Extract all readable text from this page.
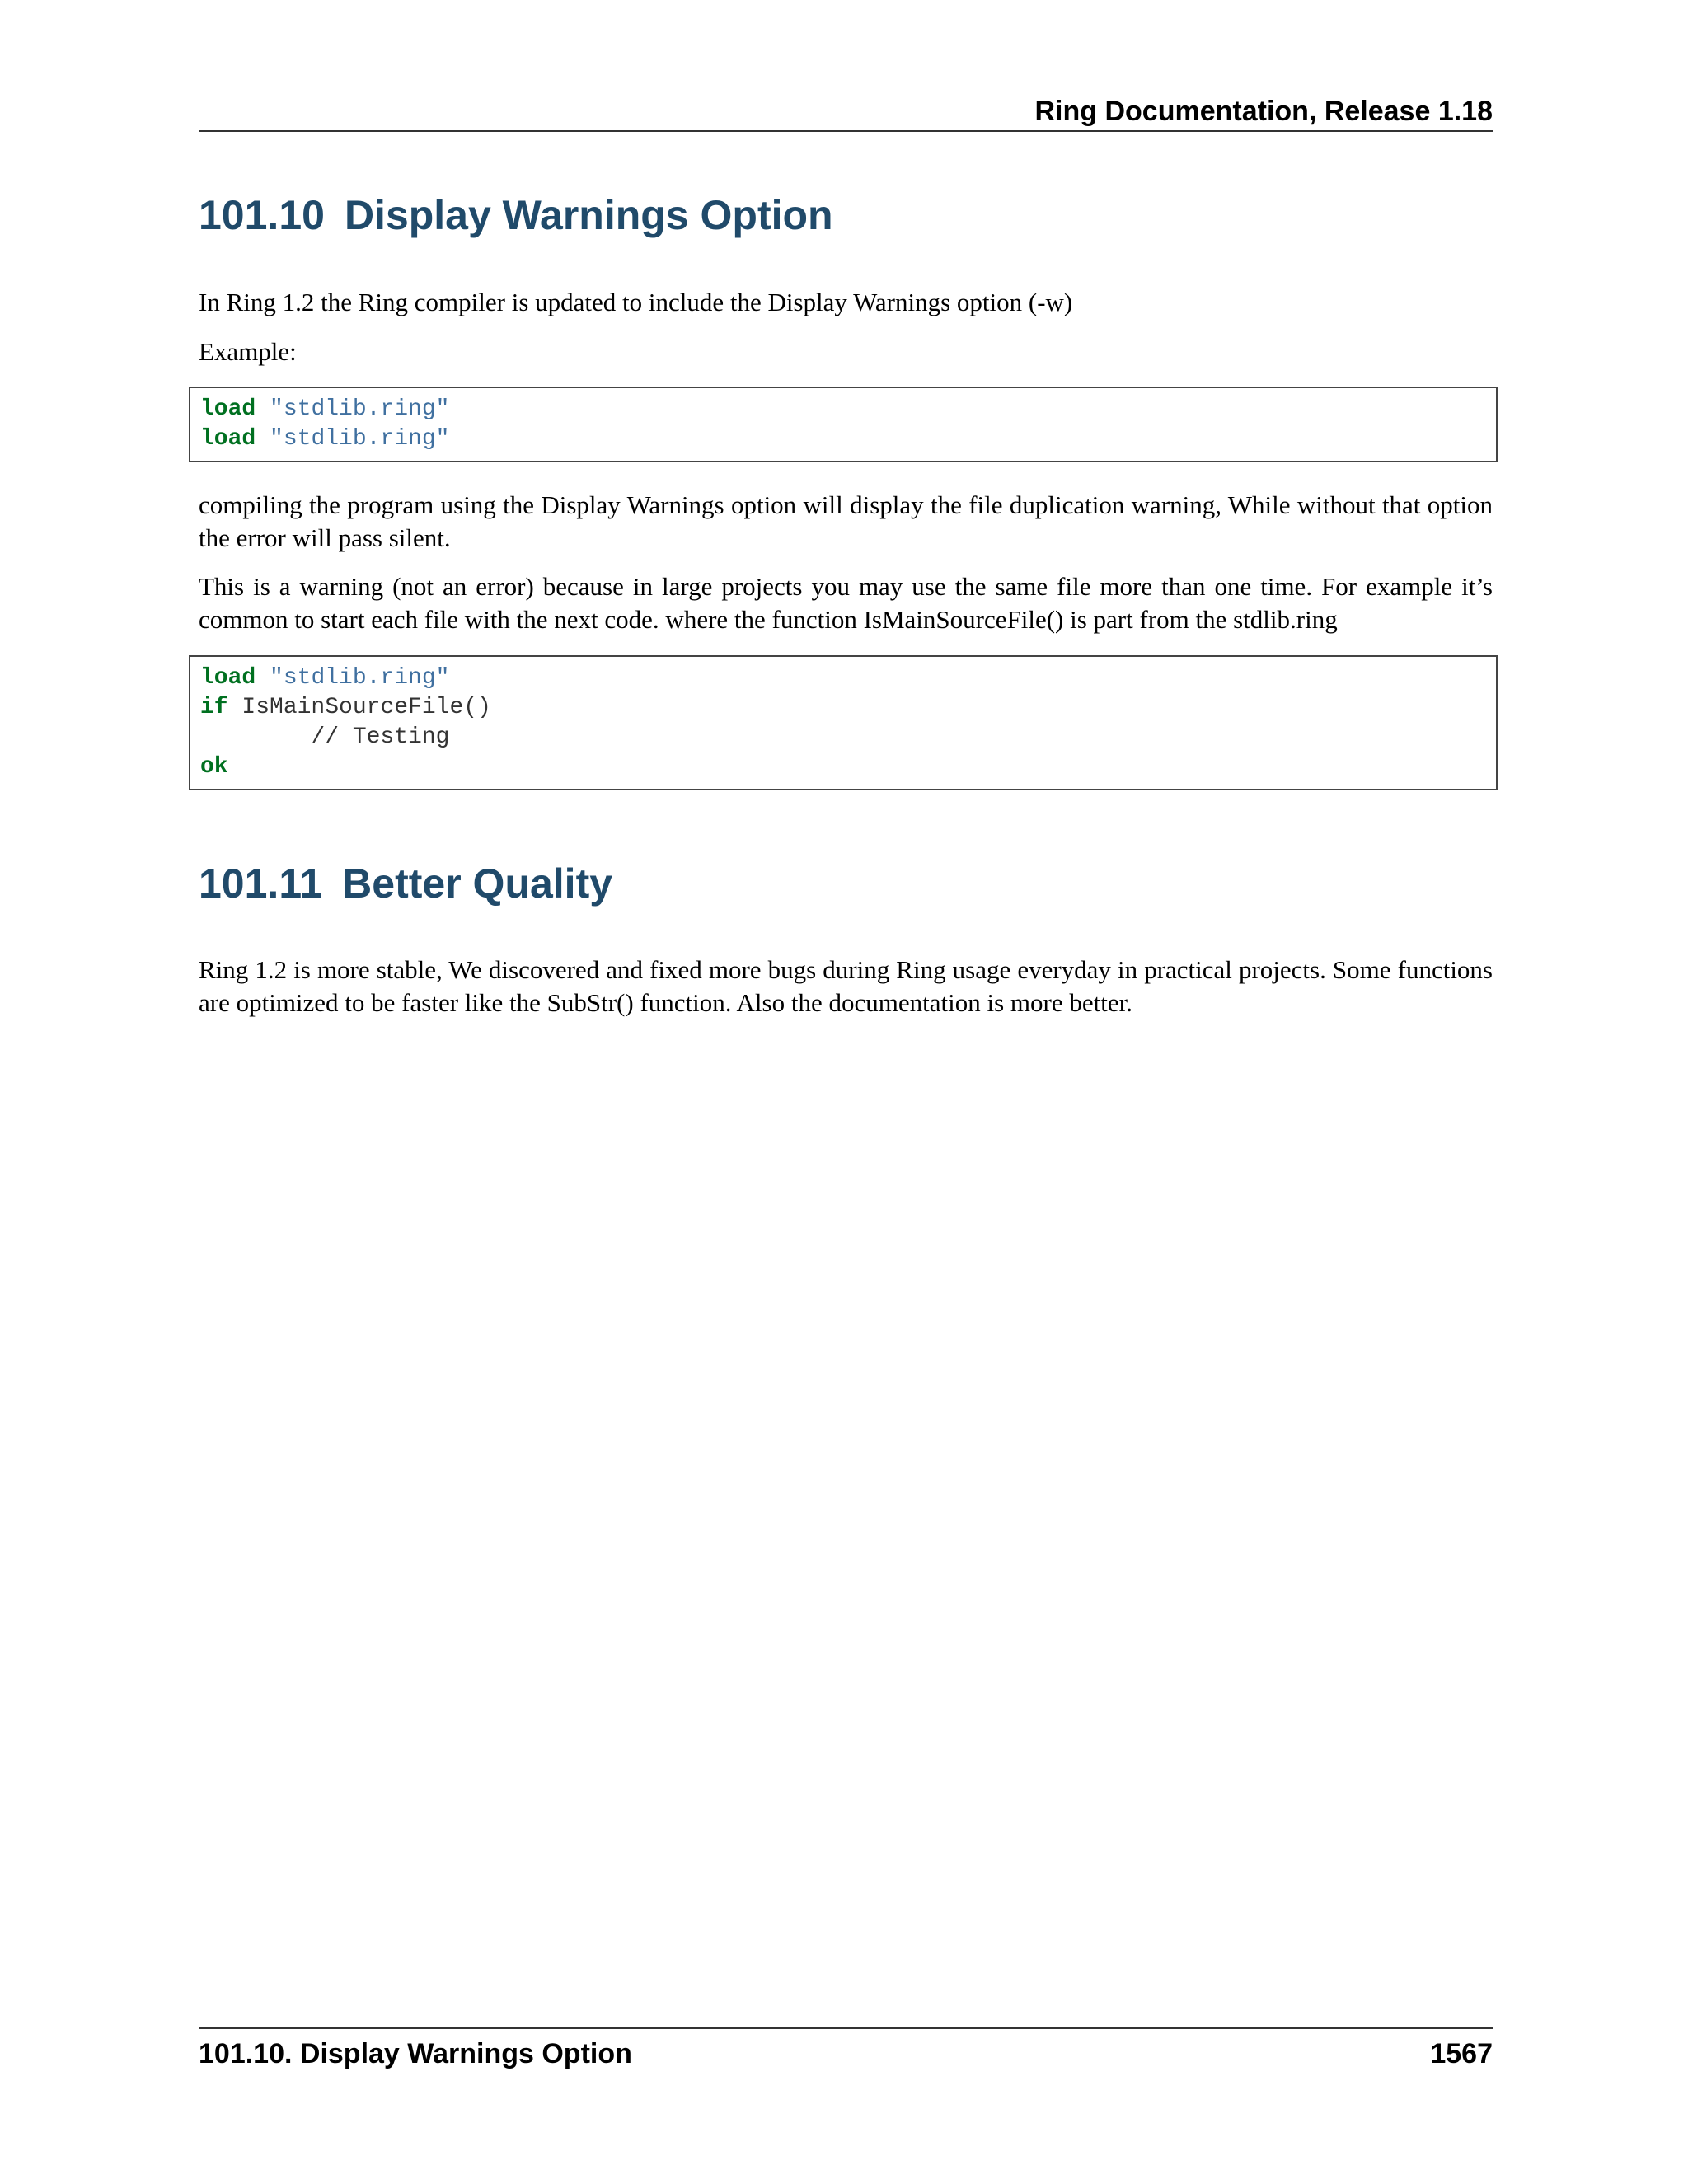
Ring Documentation, Release 1.18
101.10 Display Warnings Option

In Ring 1.2 the Ring compiler is updated to include the Display Warnings option (-w)

Example:

load "stdlib.ring"
load "stdlib.ring"

compiling the program using the Display Warnings option will display the file duplication warning, While without that option the error will pass silent.

This is a warning (not an error) because in large projects you may use the same file more than one time. For example it’s common to start each file with the next code. where the function IsMainSourceFile() is part from the stdlib.ring

load "stdlib.ring"
if IsMainSourceFile()
// Testing
ok
101.11 Better Quality

Ring 1.2 is more stable, We discovered and fixed more bugs during Ring usage everyday in practical projects. Some functions are optimized to be faster like the SubStr() function. Also the documentation is more better.

101.10. Display Warnings Option	1567
